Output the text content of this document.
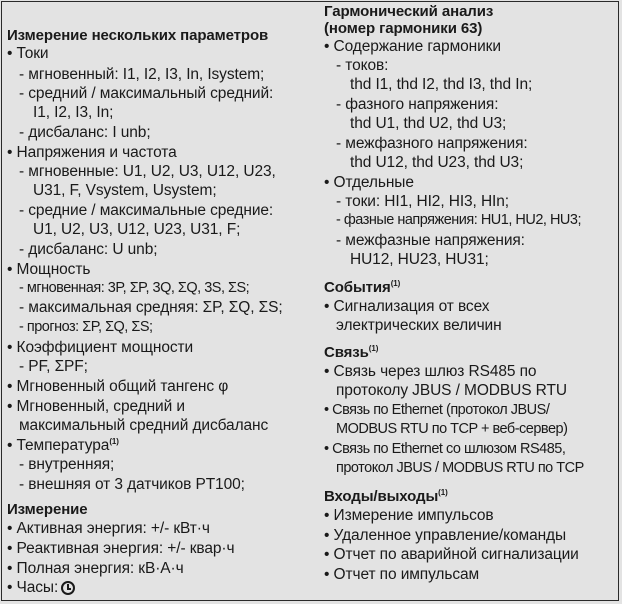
Измерение нескольких параметров
• Токи
- мгновенный: I1, I2, I3, In, Isystem;
- средний / максимальный средний:
I1, I2, I3, In;
- дисбаланс: I unb;
• Напряжения и частота
- мгновенные: U1, U2, U3, U12, U23,
U31, F, Vsystem, Usystem;
- средние / максимальные средние:
U1, U2, U3, U12, U23, U31, F;
- дисбаланс: U unb;
• Мощность
- мгновенная: 3P, ΣP, 3Q, ΣQ, 3S, ΣS;
- максимальная средняя: ΣP, ΣQ, ΣS;
- прогноз: ΣP, ΣQ, ΣS;
• Коэффициент мощности
- PF, ΣPF;
• Мгновенный общий тангенс φ
• Мгновенный, средний и
максимальный средний дисбаланс
• Температура$^{(1)}$
- внутренняя;
- внешняя от 3 датчиков PT100;
Измерение
• Активная энергия: +/- кВт·ч
• Реактивная энергия: +/- квар·ч
• Полная энергия: кВ·А·ч
• Часы:
Гармонический анализ
(номер гармоники 63)
• Содержание гармоники
- токов:
thd I1, thd I2, thd I3, thd In;
- фазного напряжения:
thd U1, thd U2, thd U3;
- межфазного напряжения:
thd U12, thd U23, thd U3;
• Отдельные
- токи: HI1, HI2, HI3, HIn;
- фазные напряжения: HU1, HU2, HU3;
- межфазные напряжения:
HU12, HU23, HU31;
События$^{(1)}$
• Сигнализация от всех
электрических величин
Связь$^{(1)}$
• Связь через шлюз RS485 по
протоколу JBUS / MODBUS RTU
• Связь по Ethernet (протокол JBUS/
MODBUS RTU по TCP + веб-сервер)
• Связь по Ethernet со шлюзом RS485,
протокол JBUS / MODBUS RTU по TCP
Входы/выходы$^{(1)}$
• Измерение импульсов
• Удаленное управление/команды
• Отчет по аварийной сигнализации
• Отчет по импульсам
